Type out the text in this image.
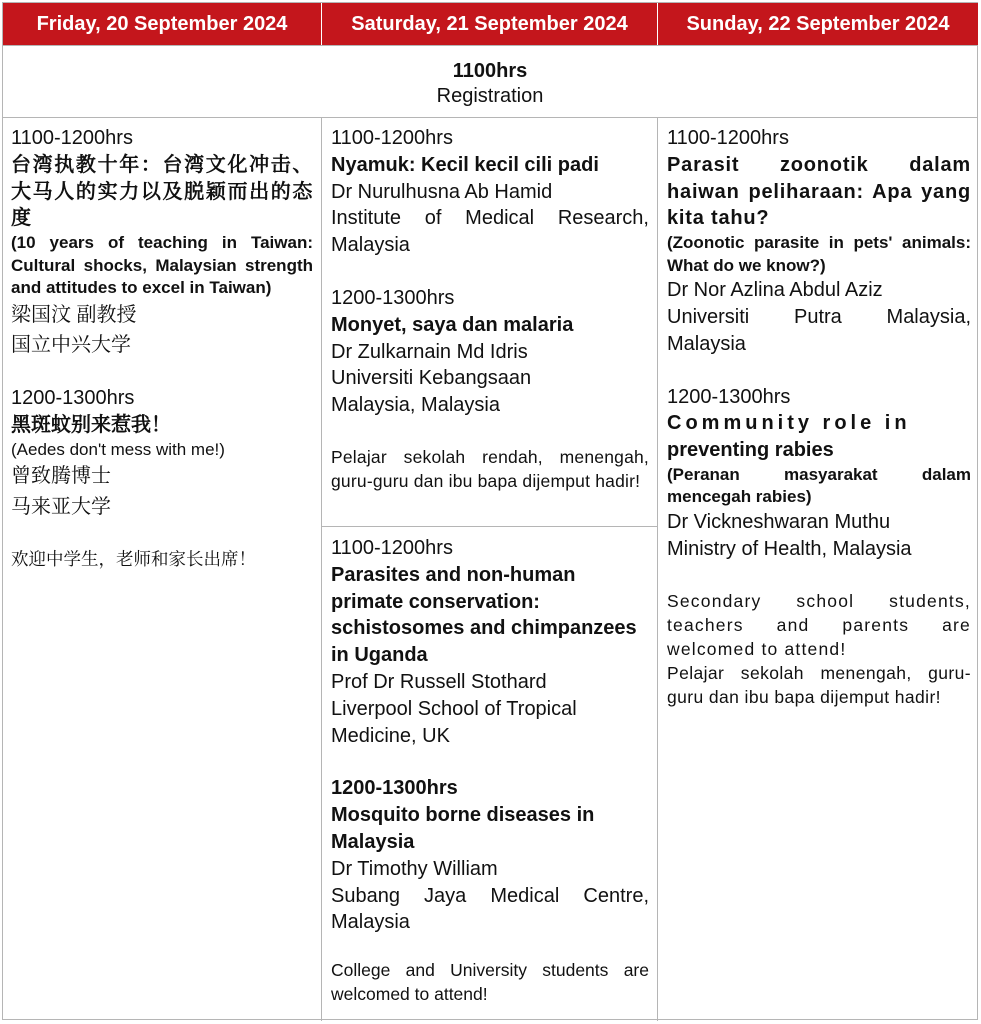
Friday, 20 September 2024	Saturday, 21 September 2024	Sunday, 22 September 2024
1100hrs
Registration
1100-1200hrs
台湾执教十年：台湾文化冲击、大马人的实力以及脱颖而出的态度
(10 years of teaching in Taiwan: Cultural shocks, Malaysian strength and attitudes to excel in Taiwan)
梁国汶 副教授
国立中兴大学
1200-1300hrs
黑斑蚊别来惹我！
(Aedes don't mess with me!)
曾致腾博士
马来亚大学
欢迎中学生，老师和家长出席！
1100-1200hrs
Nyamuk: Kecil kecil cili padi
Dr Nurulhusna Ab Hamid
Institute of Medical Research, Malaysia
1200-1300hrs
Monyet, saya dan malaria
Dr Zulkarnain Md Idris
Universiti Kebangsaan
Malaysia, Malaysia
Pelajar sekolah rendah, menengah, guru-guru dan ibu bapa dijemput hadir!
1100-1200hrs
Parasites and non-human primate conservation: schistosomes and chimpanzees in Uganda
Prof Dr Russell Stothard
Liverpool School of Tropical
Medicine, UK
1200-1300hrs
Mosquito borne diseases in Malaysia
Dr Timothy William
Subang Jaya Medical Centre, Malaysia
College and University students are welcomed to attend!
1100-1200hrs
Parasit zoonotik dalam haiwan peliharaan: Apa yang kita tahu?
(Zoonotic parasite in pets' animals: What do we know?)
Dr Nor Azlina Abdul Aziz
Universiti Putra Malaysia, Malaysia
1200-1300hrs
Community role in
preventing rabies
(Peranan masyarakat dalam mencegah rabies)
Dr Vickneshwaran Muthu
Ministry of Health, Malaysia
Secondary school students, teachers and parents are welcomed to attend!
Pelajar sekolah menengah, guru-guru dan ibu bapa dijemput hadir!
